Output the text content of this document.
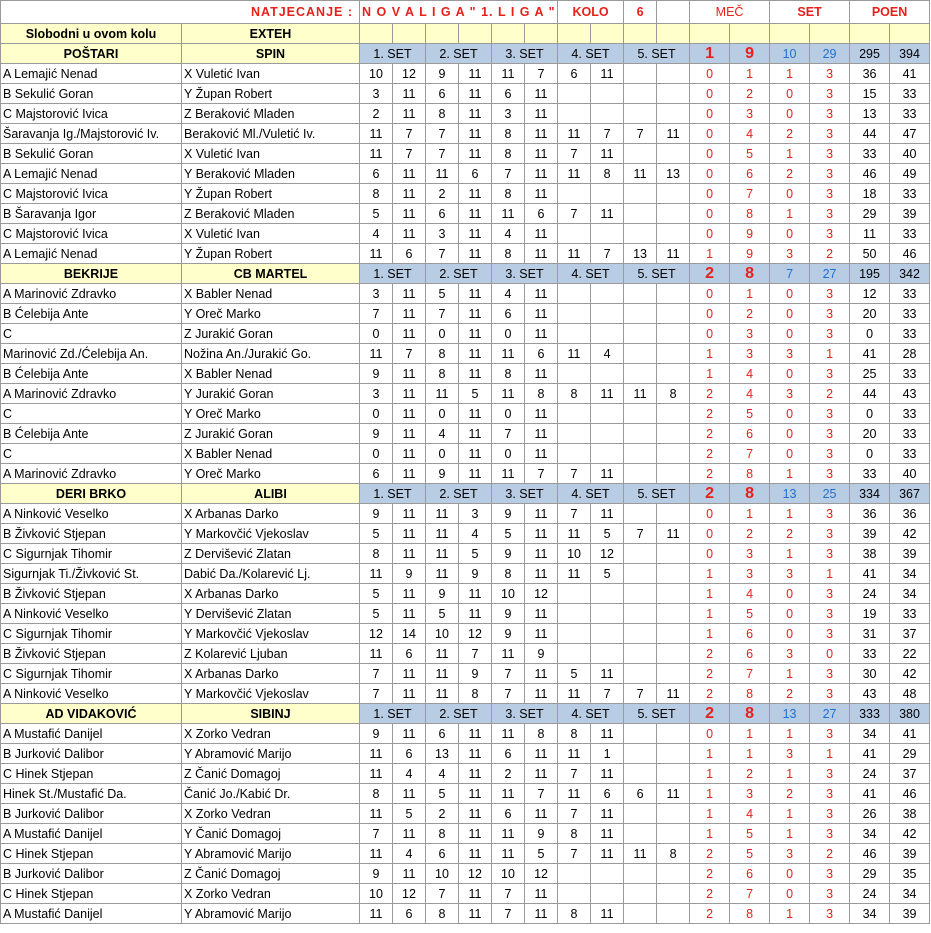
NATJECANJE :		N O V A L I G A " 1. L I G A "						KOLO		6		MEČ		SET		POEN	
Slobodni u ovom kolu	EXTEH																
POŠTARI	SPIN	1. SET		2. SET		3. SET		4. SET		5. SET		1	9	10	29	295	394
A Lemajić Nenad	X Vuletić Ivan	10	12	9	11	11	7	6	11			0	1	1	3	36	41
B Sekulić Goran	Y Župan Robert	3	11	6	11	6	11					0	2	0	3	15	33
C Majstorović Ivica	Z Beraković Mladen	2	11	8	11	3	11					0	3	0	3	13	33
Šaravanja Ig./Majstorović Iv.	Beraković Ml./Vuletić Iv.	11	7	7	11	8	11	11	7	7	11	0	4	2	3	44	47
B Sekulić Goran	X Vuletić Ivan	11	7	7	11	8	11	7	11			0	5	1	3	33	40
A Lemajić Nenad	Y Beraković Mladen	6	11	11	6	7	11	11	8	11	13	0	6	2	3	46	49
C Majstorović Ivica	Y Župan Robert	8	11	2	11	8	11					0	7	0	3	18	33
B Šaravanja Igor	Z Beraković Mladen	5	11	6	11	11	6	7	11			0	8	1	3	29	39
C Majstorović Ivica	X Vuletić Ivan	4	11	3	11	4	11					0	9	0	3	11	33
A Lemajić Nenad	Y Župan Robert	11	6	7	11	8	11	11	7	13	11	1	9	3	2	50	46
BEKRIJE	CB MARTEL	1. SET		2. SET		3. SET		4. SET		5. SET		2	8	7	27	195	342
A Marinović Zdravko	X Babler Nenad	3	11	5	11	4	11					0	1	0	3	12	33
B Ćelebija Ante	Y Oreč Marko	7	11	7	11	6	11					0	2	0	3	20	33
C	Z Jurakić Goran	0	11	0	11	0	11					0	3	0	3	0	33
Marinović Zd./Ćelebija An.	Nožina An./Jurakić Go.	11	7	8	11	11	6	11	4			1	3	3	1	41	28
B Ćelebija Ante	X Babler Nenad	9	11	8	11	8	11					1	4	0	3	25	33
A Marinović Zdravko	Y Jurakić Goran	3	11	11	5	11	8	8	11	11	8	2	4	3	2	44	43
C	Y Oreč Marko	0	11	0	11	0	11					2	5	0	3	0	33
B Ćelebija Ante	Z Jurakić Goran	9	11	4	11	7	11					2	6	0	3	20	33
C	X Babler Nenad	0	11	0	11	0	11					2	7	0	3	0	33
A Marinović Zdravko	Y Oreč Marko	6	11	9	11	11	7	7	11			2	8	1	3	33	40
DERI BRKO	ALIBI	1. SET		2. SET		3. SET		4. SET		5. SET		2	8	13	25	334	367
A Ninković Veselko	X Arbanas Darko	9	11	11	3	9	11	7	11			0	1	1	3	36	36
B Živković Stjepan	Y Markovčić Vjekoslav	5	11	11	4	5	11	11	5	7	11	0	2	2	3	39	42
C Sigurnjak Tihomir	Z Dervišević Zlatan	8	11	11	5	9	11	10	12			0	3	1	3	38	39
Sigurnjak Ti./Živković St.	Dabić Da./Kolarević Lj.	11	9	11	9	8	11	11	5			1	3	3	1	41	34
B Živković Stjepan	X Arbanas Darko	5	11	9	11	10	12					1	4	0	3	24	34
A Ninković Veselko	Y Dervišević Zlatan	5	11	5	11	9	11					1	5	0	3	19	33
C Sigurnjak Tihomir	Y Markovčić Vjekoslav	12	14	10	12	9	11					1	6	0	3	31	37
B Živković Stjepan	Z Kolarević Ljuban	11	6	11	7	11	9					2	6	3	0	33	22
C Sigurnjak Tihomir	X Arbanas Darko	7	11	11	9	7	11	5	11			2	7	1	3	30	42
A Ninković Veselko	Y Markovčić Vjekoslav	7	11	11	8	7	11	11	7	7	11	2	8	2	3	43	48
AD VIDAKOVIĆ	SIBINJ	1. SET		2. SET		3. SET		4. SET		5. SET		2	8	13	27	333	380
A Mustafić Danijel	X Zorko Vedran	9	11	6	11	11	8	8	11			0	1	1	3	34	41
B Jurković Dalibor	Y Abramović Marijo	11	6	13	11	6	11	11	1			1	1	3	1	41	29
C Hinek Stjepan	Z Čanić Domagoj	11	4	4	11	2	11	7	11			1	2	1	3	24	37
Hinek St./Mustafić Da.	Čanić Jo./Kabić Dr.	8	11	5	11	11	7	11	6	6	11	1	3	2	3	41	46
B Jurković Dalibor	X Zorko Vedran	11	5	2	11	6	11	7	11			1	4	1	3	26	38
A Mustafić Danijel	Y Čanić Domagoj	7	11	8	11	11	9	8	11			1	5	1	3	34	42
C Hinek Stjepan	Y Abramović Marijo	11	4	6	11	11	5	7	11	11	8	2	5	3	2	46	39
B Jurković Dalibor	Z Čanić Domagoj	9	11	10	12	10	12					2	6	0	3	29	35
C Hinek Stjepan	X Zorko Vedran	10	12	7	11	7	11					2	7	0	3	24	34
A Mustafić Danijel	Y Abramović Marijo	11	6	8	11	7	11	8	11			2	8	1	3	34	39
